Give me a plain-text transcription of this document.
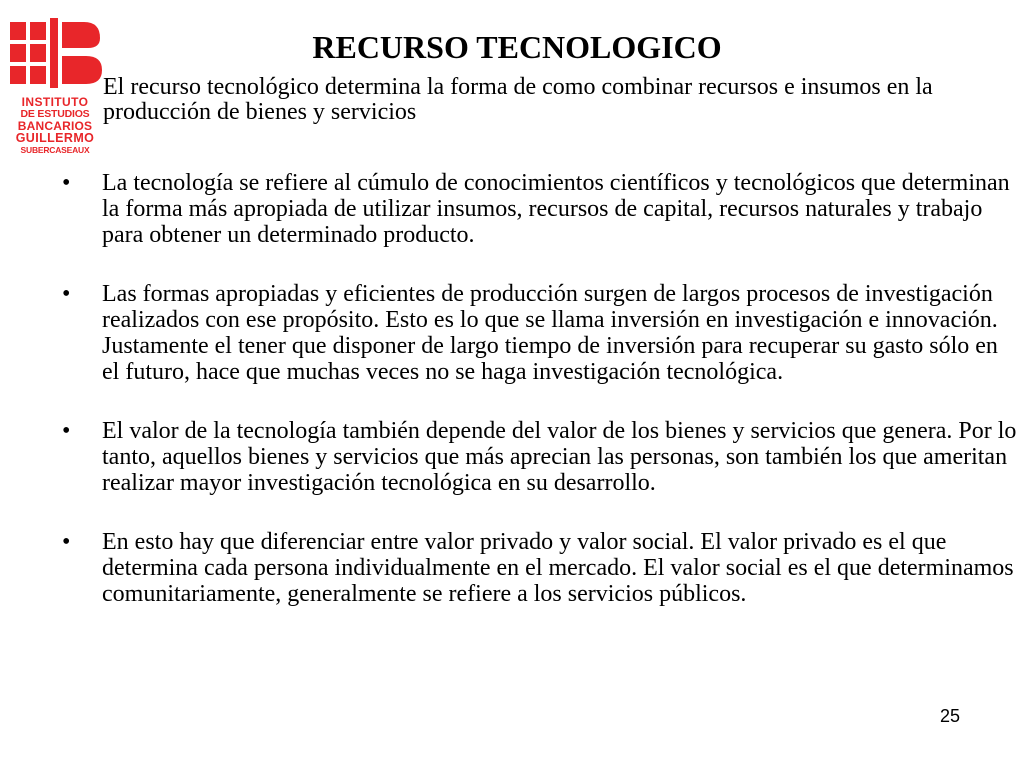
INSTITUTO
DE ESTUDIOS
BANCARIOS
GUILLERMO
SUBERCASEAUX
RECURSO TECNOLOGICO

El recurso tecnológico determina la forma de como combinar recursos e insumos en la producción de bienes y servicios

• La tecnología se refiere al cúmulo de conocimientos científicos y tecnológicos que determinan la forma más apropiada de utilizar insumos, recursos de capital, recursos naturales y trabajo para obtener un determinado producto.
• Las formas apropiadas y eficientes de producción surgen de largos procesos de investigación realizados con ese propósito. Esto es lo que se llama inversión en investigación e innovación. Justamente el tener que disponer de largo tiempo de inversión para recuperar su gasto sólo en el futuro, hace que muchas veces no se haga investigación tecnológica.
• El valor de la tecnología también depende del valor de los bienes y servicios que genera. Por lo tanto, aquellos bienes y servicios que más aprecian las personas, son también los que ameritan realizar mayor investigación tecnológica en su desarrollo.
• En esto hay que diferenciar entre valor privado y valor social. El valor privado es el que determina cada persona individualmente en el mercado. El valor social es el que determinamos comunitariamente, generalmente se refiere a los servicios públicos.
25
